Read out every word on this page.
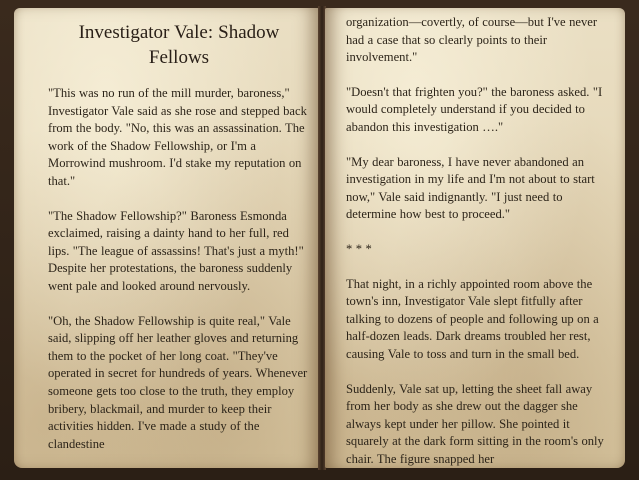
Investigator Vale: Shadow Fellows

"This was no run of the mill murder, baroness," Investigator Vale said as she rose and stepped back from the body. "No, this was an assassination. The work of the Shadow Fellowship, or I'm a Morrowind mushroom. I'd stake my reputation on that."

"The Shadow Fellowship?" Baroness Esmonda exclaimed, raising a dainty hand to her full, red lips. "The league of assassins! That's just a myth!" Despite her protestations, the baroness suddenly went pale and looked around nervously.

"Oh, the Shadow Fellowship is quite real," Vale said, slipping off her leather gloves and returning them to the pocket of her long coat. "They've operated in secret for hundreds of years. Whenever someone gets too close to the truth, they employ bribery, blackmail, and murder to keep their activities hidden. I've made a study of the clandestine

organization—covertly, of course—but I've never had a case that so clearly points to their involvement."

"Doesn't that frighten you?" the baroness asked. "I would completely understand if you decided to abandon this investigation …."

"My dear baroness, I have never abandoned an investigation in my life and I'm not about to start now," Vale said indignantly. "I just need to determine how best to proceed."

* * *

That night, in a richly appointed room above the town's inn, Investigator Vale slept fitfully after talking to dozens of people and following up on a half-dozen leads. Dark dreams troubled her rest, causing Vale to toss and turn in the small bed.

Suddenly, Vale sat up, letting the sheet fall away from her body as she drew out the dagger she always kept under her pillow. She pointed it squarely at the dark form sitting in the room's only chair. The figure snapped her
